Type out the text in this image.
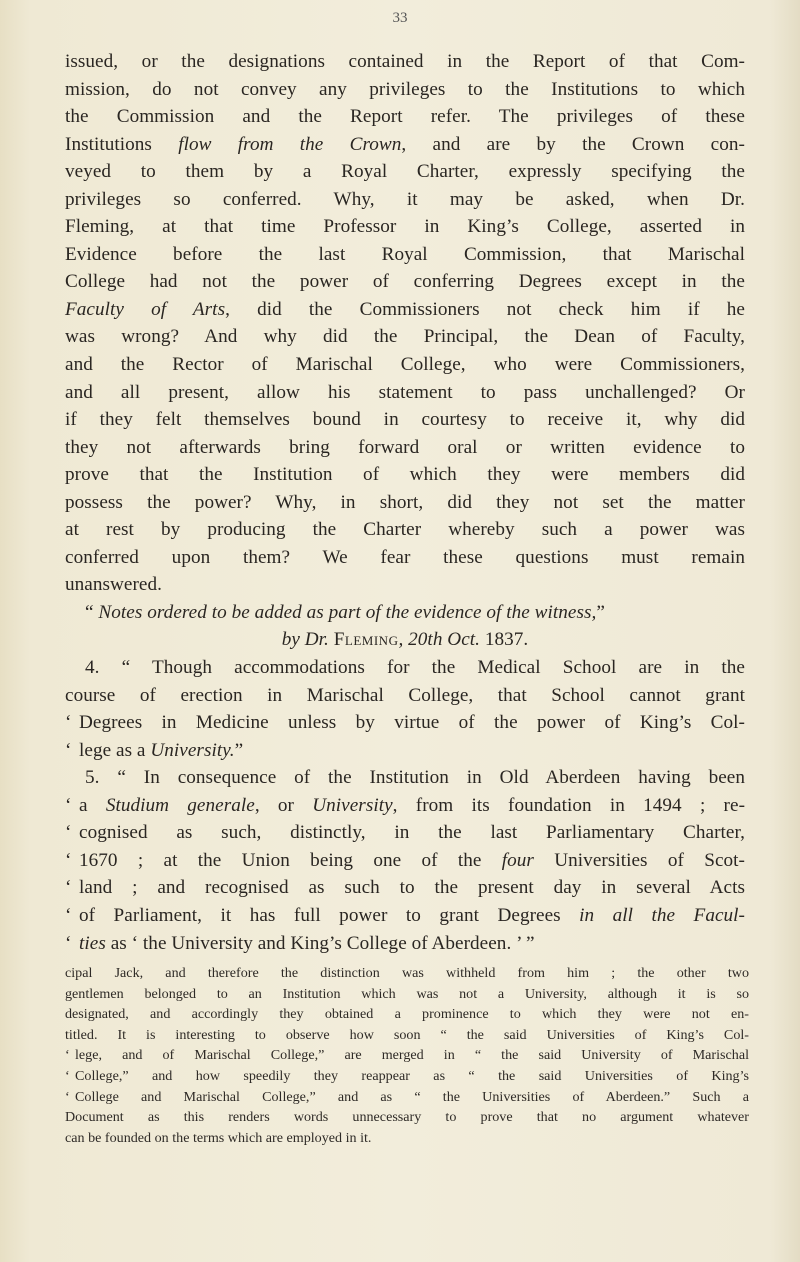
33
issued, or the designations contained in the Report of that Com-
mission, do not convey any privileges to the Institutions to which
the Commission and the Report refer. The privileges of these
Institutions flow from the Crown, and are by the Crown con-
veyed to them by a Royal Charter, expressly specifying the
privileges so conferred. Why, it may be asked, when Dr.
Fleming, at that time Professor in King’s College, asserted in
Evidence before the last Royal Commission, that Marischal
College had not the power of conferring Degrees except in the
Faculty of Arts, did the Commissioners not check him if he
was wrong? And why did the Principal, the Dean of Faculty,
and the Rector of Marischal College, who were Commissioners,
and all present, allow his statement to pass unchallenged? Or
if they felt themselves bound in courtesy to receive it, why did
they not afterwards bring forward oral or written evidence to
prove that the Institution of which they were members did
possess the power? Why, in short, did they not set the matter
at rest by producing the Charter whereby such a power was
conferred upon them? We fear these questions must remain
unanswered.
“ Notes ordered to be added as part of the evidence of the witness,”
by Dr. Fleming, 20th Oct. 1837.
4. “ Though accommodations for the Medical School are in the
course of erection in Marischal College, that School cannot grant
‘ Degrees in Medicine unless by virtue of the power of King’s Col-
‘ lege as a University.”
5. “ In consequence of the Institution in Old Aberdeen having been
‘ a Studium generale, or University, from its foundation in 1494 ; re-
‘ cognised as such, distinctly, in the last Parliamentary Charter,
‘ 1670 ; at the Union being one of the four Universities of Scot-
‘ land ; and recognised as such to the present day in several Acts
‘ of Parliament, it has full power to grant Degrees in all the Facul-
‘ ties as ‘ the University and King’s College of Aberdeen. ’ ”
cipal Jack, and therefore the distinction was withheld from him ; the other two
gentlemen belonged to an Institution which was not a University, although it is so
designated, and accordingly they obtained a prominence to which they were not en-
titled. It is interesting to observe how soon “ the said Universities of King’s Col-
‘ lege, and of Marischal College,” are merged in “ the said University of Marischal
‘ College,” and how speedily they reappear as “ the said Universities of King’s
‘ College and Marischal College,” and as “ the Universities of Aberdeen.” Such a
Document as this renders words unnecessary to prove that no argument whatever
can be founded on the terms which are employed in it.
